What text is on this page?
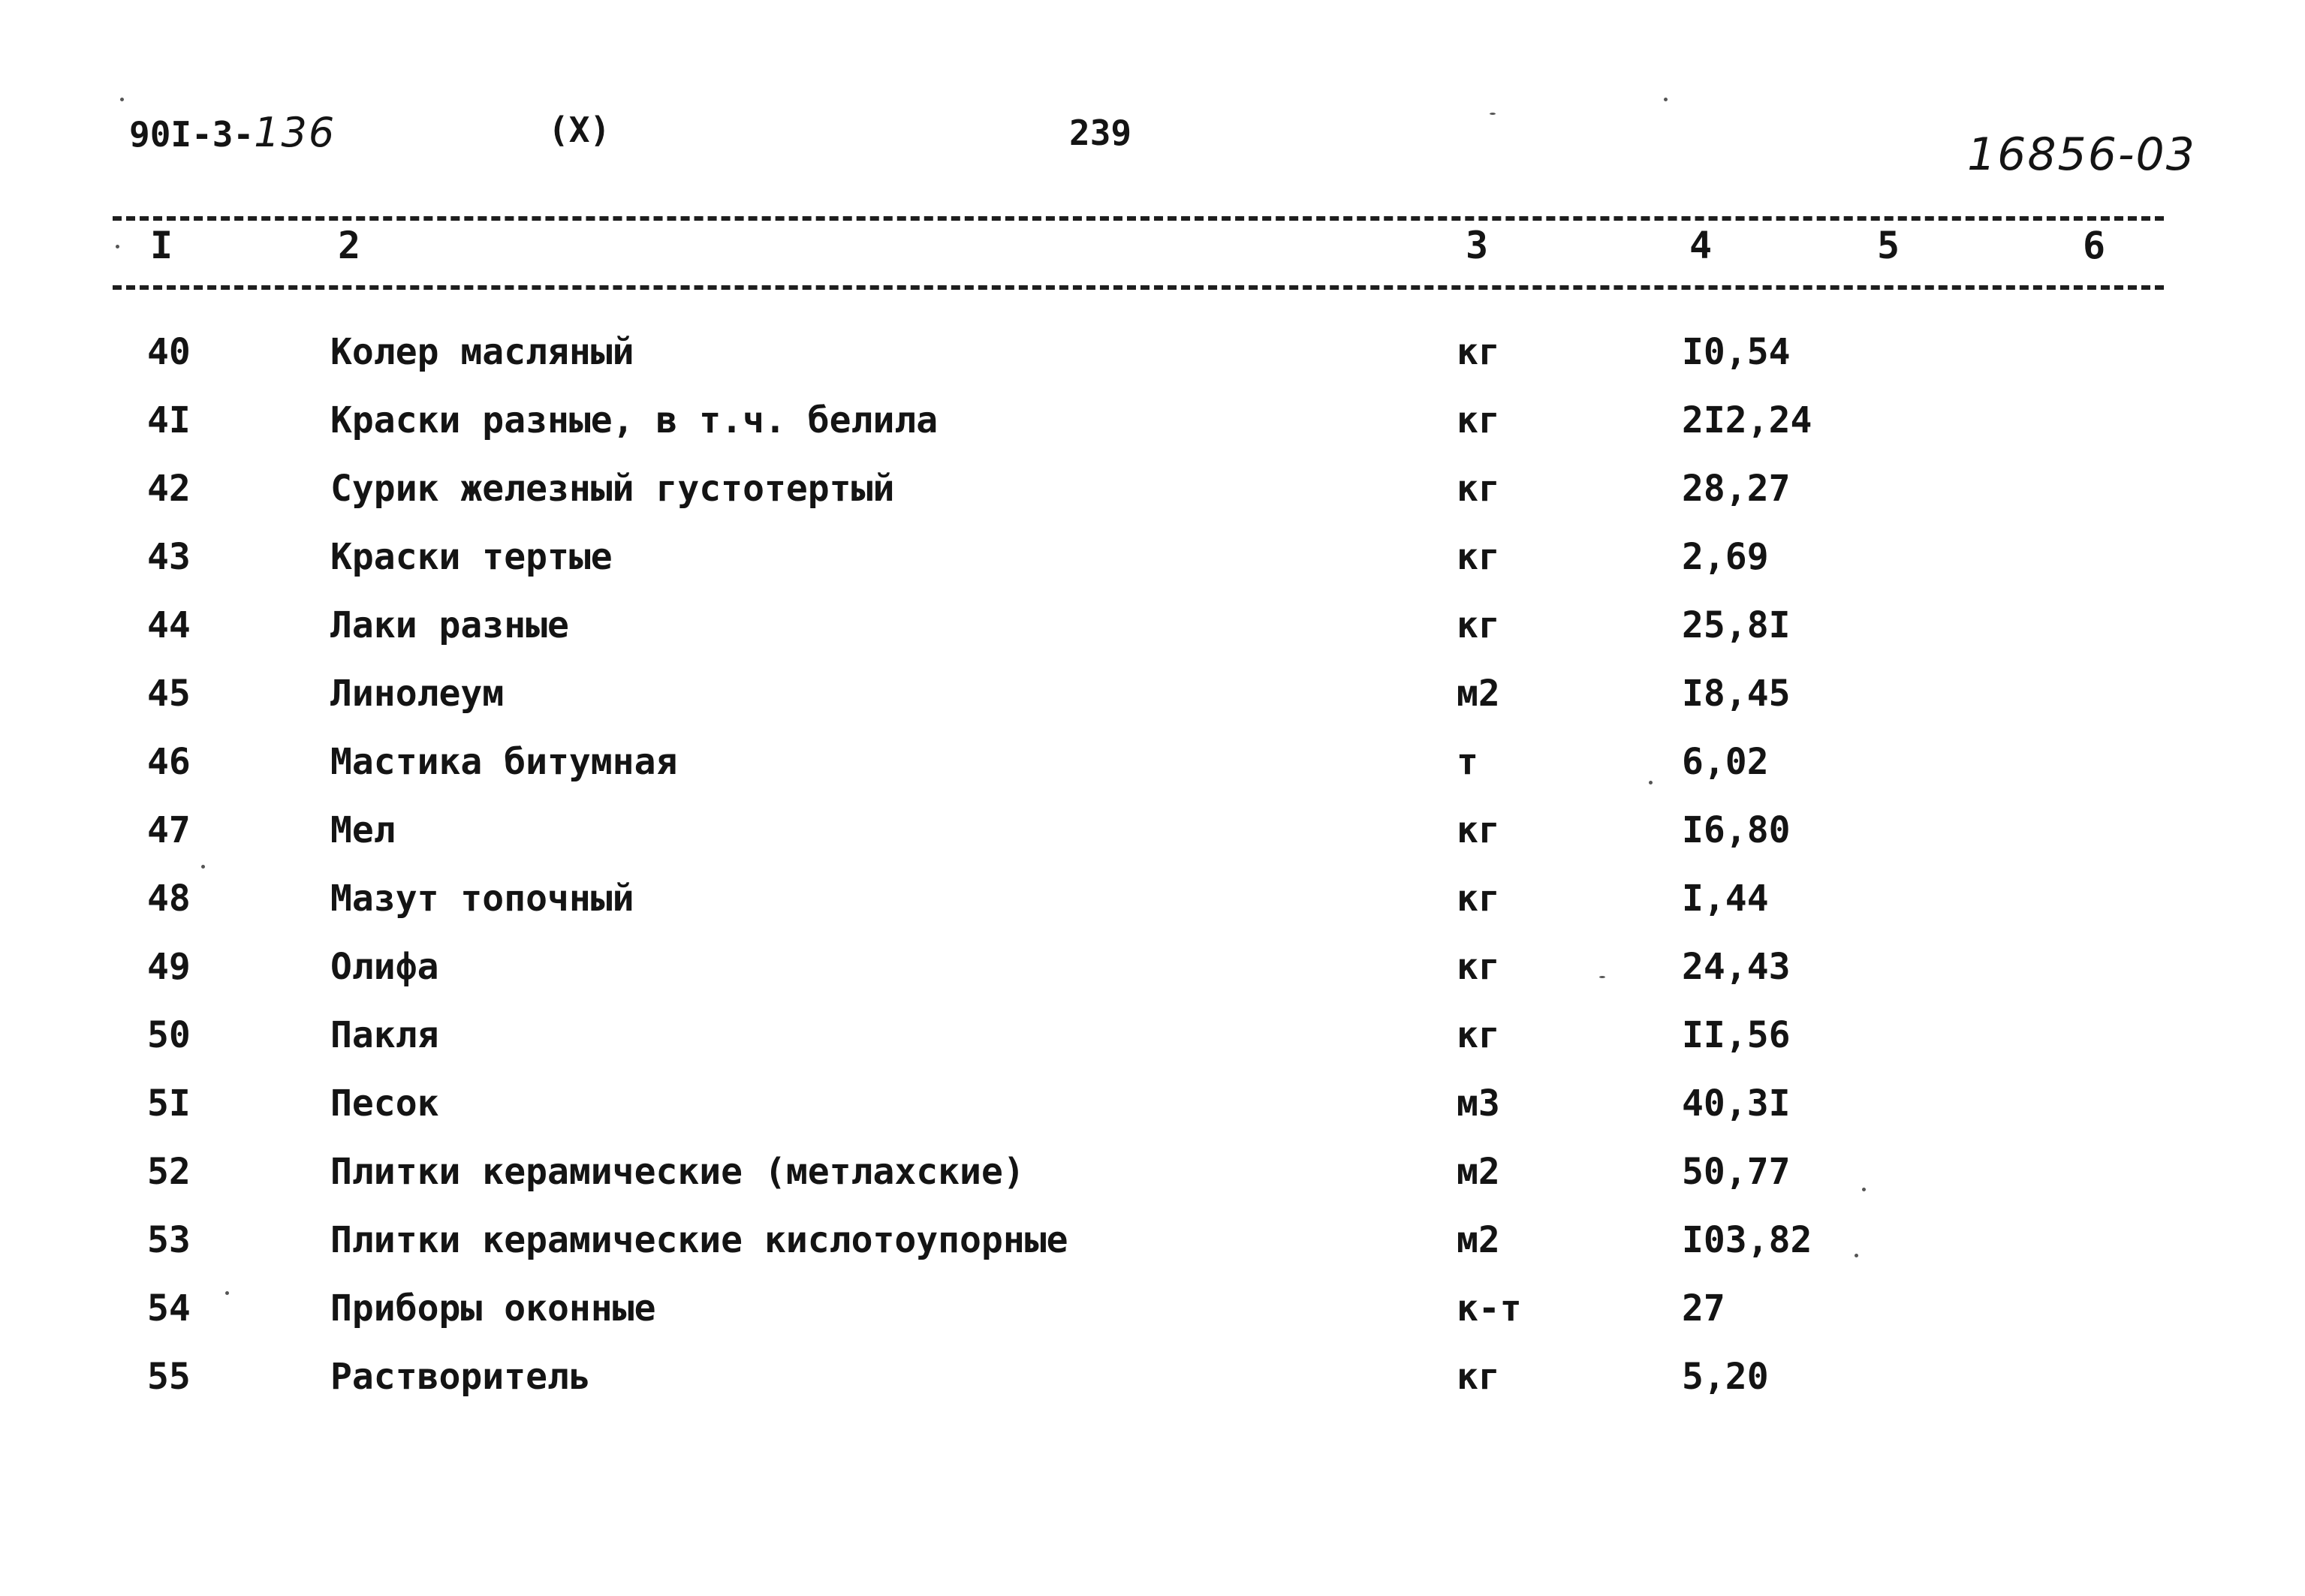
90I-3-136	(X)	239	16856-03
I	2	3	4	5	6
40	Колер масляный	кг	I0,54
4I	Краски разные, в т.ч. белила	кг	2I2,24
42	Сурик железный густотертый	кг	28,27
43	Краски тертые	кг	2,69
44	Лаки разные	кг	25,8I
45	Линолеум	м2	I8,45
46	Мастика битумная	т	6,02
47	Мел	кг	I6,80
48	Мазут топочный	кг	I,44
49	Олифа	кг	24,43
50	Пакля	кг	II,56
5I	Песок	м3	40,3I
52	Плитки керамические (метлахские)	м2	50,77
53	Плитки керамические кислотоупорные	м2	I03,82
54	Приборы оконные	к-т	27
55	Растворитель	кг	5,20
